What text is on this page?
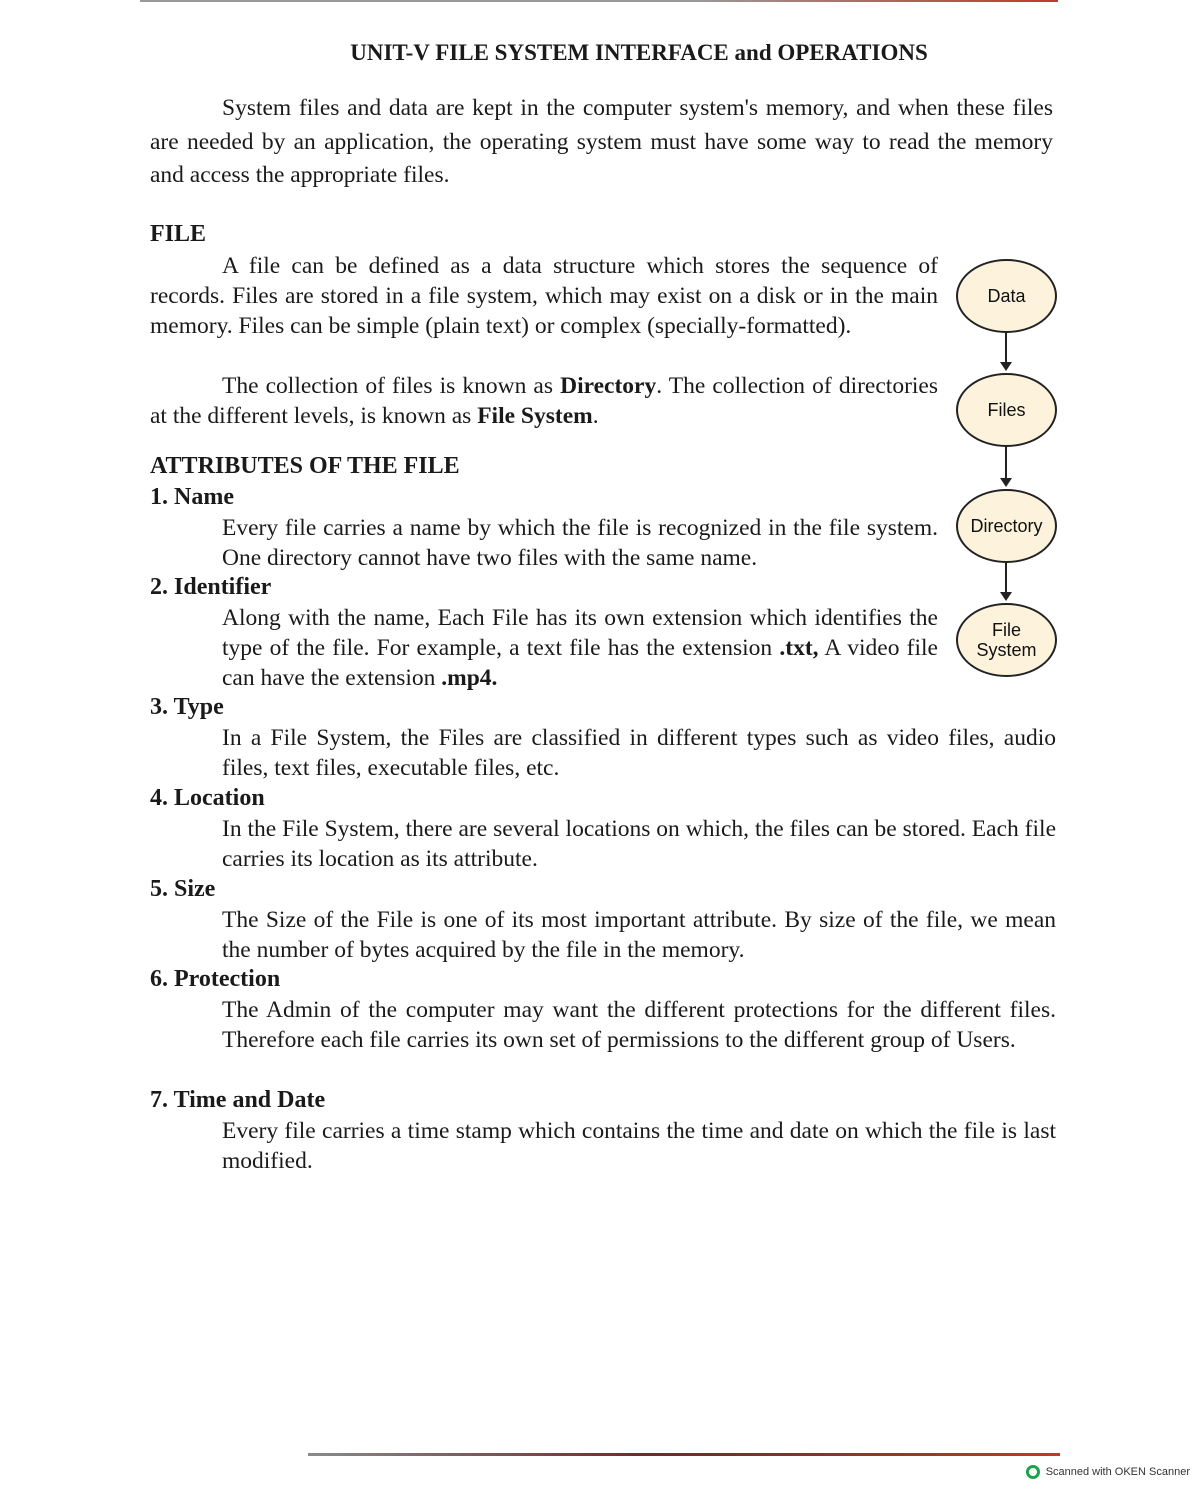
UNIT-V FILE SYSTEM INTERFACE and OPERATIONS
System files and data are kept in the computer system's memory, and when these files are needed by an application, the operating system must have some way to read the memory and access the appropriate files.
FILE
A file can be defined as a data structure which stores the sequence of records. Files are stored in a file system, which may exist on a disk or in the main memory. Files can be simple (plain text) or complex (specially-formatted).
The collection of files is known as Directory. The collection of directories at the different levels, is known as File System.
Data
Files
Directory
File System
ATTRIBUTES OF THE FILE
1. Name
Every file carries a name by which the file is recognized in the file system. One directory cannot have two files with the same name.
2. Identifier
Along with the name, Each File has its own extension which identifies the type of the file. For example, a text file has the extension .txt, A video file can have the extension .mp4.
3. Type
In a File System, the Files are classified in different types such as video files, audio files, text files, executable files, etc.
4. Location
In the File System, there are several locations on which, the files can be stored. Each file carries its location as its attribute.
5. Size
The Size of the File is one of its most important attribute. By size of the file, we mean the number of bytes acquired by the file in the memory.
6. Protection
The Admin of the computer may want the different protections for the different files. Therefore each file carries its own set of permissions to the different group of Users.
7. Time and Date
Every file carries a time stamp which contains the time and date on which the file is last modified.
Scanned with OKEN Scanner
